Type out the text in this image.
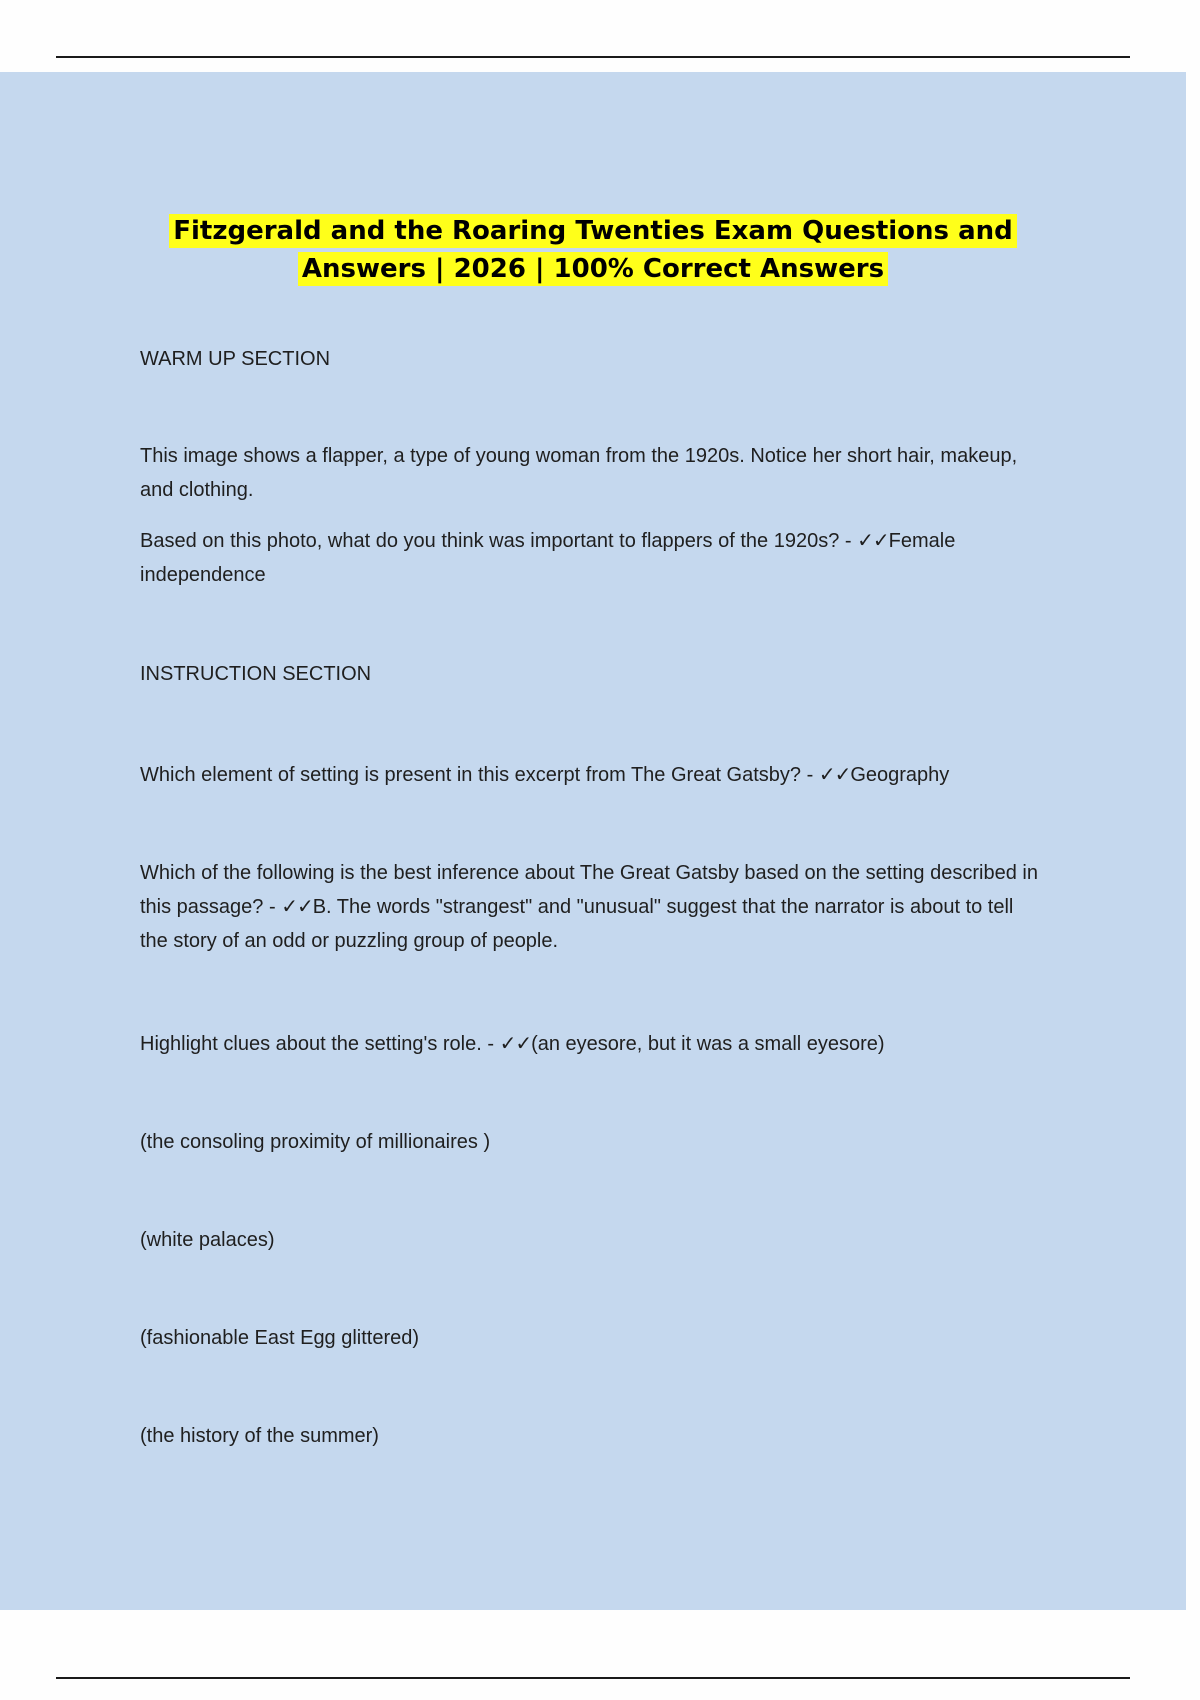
Fitzgerald and the Roaring Twenties Exam Questions and
Answers | 2026 | 100% Correct Answers

WARM UP SECTION

This image shows a flapper, a type of young woman from the 1920s. Notice her short hair, makeup, and clothing.

Based on this photo, what do you think was important to flappers of the 1920s? - ✓✓Female independence

INSTRUCTION SECTION

Which element of setting is present in this excerpt from The Great Gatsby? - ✓✓Geography

Which of the following is the best inference about The Great Gatsby based on the setting described in this passage? - ✓✓B. The words "strangest" and "unusual" suggest that the narrator is about to tell the story of an odd or puzzling group of people.

Highlight clues about the setting's role. - ✓✓(an eyesore, but it was a small eyesore)

(the consoling proximity of millionaires )

(white palaces)

(fashionable East Egg glittered)

(the history of the summer)
